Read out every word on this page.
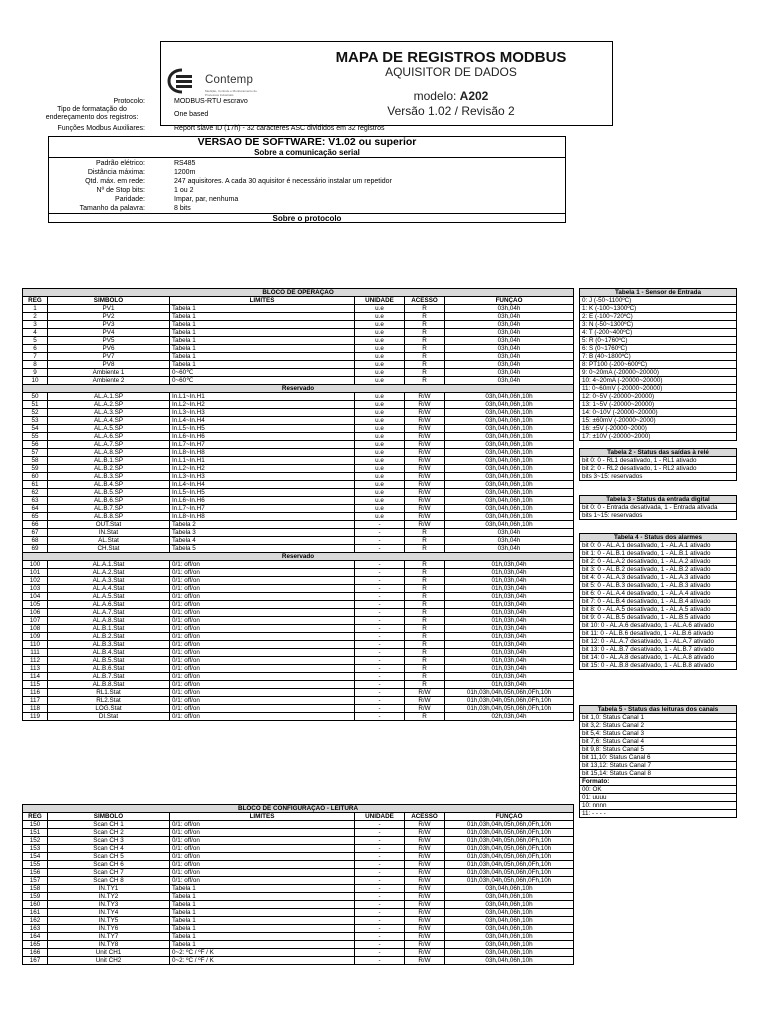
Contemp
Medição, Controle e Monitoramento de Processos Industriais
MAPA DE REGISTROS MODBUS
AQUISITOR DE DADOS
modelo: A202
Versão 1.02 / Revisão 2
VERSAO DE SOFTWARE: V1.02 ou superior
Sobre a comunicação serial
Padrão elétrico:	RS485
Distância máxima:	1200m
Qtd. máx. em rede:	247 aquisitores. A cada 30 aquisitor é necessário instalar um repetidor
Nº de Stop bits:	1 ou 2
Paridade:	Impar, par, nenhuma
Tamanho da palavra:	8 bits
Sobre o protocolo
Protocolo:	MODBUS-RTU escravo
Tipo de formatação do endereçamento dos registros:	One based
Funções Modbus Auxiliares:	Report slave ID (17h) - 32 caracteres ASC divididos em 32 registros
BLOCO DE OPERAÇAO					
REG	SIMBOLO	LIMITES	UNIDADE	ACESSO	FUNÇAO
1	PV1	Tabela 1	u.e	R	03h,04h
2	PV2	Tabela 1	u.e	R	03h,04h
3	PV3	Tabela 1	u.e	R	03h,04h
4	PV4	Tabela 1	u.e	R	03h,04h
5	PV5	Tabela 1	u.e	R	03h,04h
6	PV6	Tabela 1	u.e	R	03h,04h
7	PV7	Tabela 1	u.e	R	03h,04h
8	PV8	Tabela 1	u.e	R	03h,04h
9	Ambiente 1	0~60℃	u.e	R	03h,04h
10	Ambiente 2	0~60℃	u.e	R	03h,04h
Reservado					
50	AL.A.1.SP	In.L1~In.H1	u.e	R/W	03h,04h,06h,10h
51	AL.A.2.SP	In.L2~In.H2	u.e	R/W	03h,04h,06h,10h
52	AL.A.3.SP	In.L3~In.H3	u.e	R/W	03h,04h,06h,10h
53	AL.A.4.SP	In.L4~In.H4	u.e	R/W	03h,04h,06h,10h
54	AL.A.5.SP	In.L5~In.H5	u.e	R/W	03h,04h,06h,10h
55	AL.A.6.SP	In.L6~In.H6	u.e	R/W	03h,04h,06h,10h
56	AL.A.7.SP	In.L7~In.H7	u.e	R/W	03h,04h,06h,10h
57	AL.A.8.SP	In.L8~In.H8	u.e	R/W	03h,04h,06h,10h
58	AL.B.1.SP	In.L1~In.H1	u.e	R/W	03h,04h,06h,10h
59	AL.B.2.SP	In.L2~In.H2	u.e	R/W	03h,04h,06h,10h
60	AL.B.3.SP	In.L3~In.H3	u.e	R/W	03h,04h,06h,10h
61	AL.B.4.SP	In.L4~In.H4	u.e	R/W	03h,04h,06h,10h
62	AL.B.5.SP	In.L5~In.H5	u.e	R/W	03h,04h,06h,10h
63	AL.B.6.SP	In.L6~In.H6	u.e	R/W	03h,04h,06h,10h
64	AL.B.7.SP	In.L7~In.H7	u.e	R/W	03h,04h,06h,10h
65	AL.B.8.SP	In.L8~In.H8	u.e	R/W	03h,04h,06h,10h
66	OUT.Stat	Tabela 2	-	R/W	03h,04h,06h,10h
67	IN.Stat	Tabela 3	-	R	03h,04h
68	AL.Stat	Tabela 4	-	R	03h,04h
69	CH.Stat	Tabela 5	-	R	03h,04h
Reservado					
100	AL.A.1.Stat	0/1: off/on	-	R	01h,03h,04h
101	AL.A.2.Stat	0/1: off/on	-	R	01h,03h,04h
102	AL.A.3.Stat	0/1: off/on	-	R	01h,03h,04h
103	AL.A.4.Stat	0/1: off/on	-	R	01h,03h,04h
104	AL.A.5.Stat	0/1: off/on	-	R	01h,03h,04h
105	AL.A.6.Stat	0/1: off/on	-	R	01h,03h,04h
106	AL.A.7.Stat	0/1: off/on	-	R	01h,03h,04h
107	AL.A.8.Stat	0/1: off/on	-	R	01h,03h,04h
108	AL.B.1.Stat	0/1: off/on	-	R	01h,03h,04h
109	AL.B.2.Stat	0/1: off/on	-	R	01h,03h,04h
110	AL.B.3.Stat	0/1: off/on	-	R	01h,03h,04h
111	AL.B.4.Stat	0/1: off/on	-	R	01h,03h,04h
112	AL.B.5.Stat	0/1: off/on	-	R	01h,03h,04h
113	AL.B.6.Stat	0/1: off/on	-	R	01h,03h,04h
114	AL.B.7.Stat	0/1: off/on	-	R	01h,03h,04h
115	AL.B.8.Stat	0/1: off/on	-	R	01h,03h,04h
116	RL1.Stat	0/1: off/on	-	R/W	01h,03h,04h,05h,06h,0Fh,10h
117	RL2.Stat	0/1: off/on	-	R/W	01h,03h,04h,05h,06h,0Fh,10h
118	LOG.Stat	0/1: off/on	-	R/W	01h,03h,04h,05h,06h,0Fh,10h
119	DI.Stat	0/1: off/on	-	R	02h,03h,04h
BLOCO DE CONFIGURAÇAO - LEITURA					
REG	SIMBOLO	LIMITES	UNIDADE	ACESSO	FUNÇAO
150	Scan CH 1	0/1: off/on	-	R/W	01h,03h,04h,05h,06h,0Fh,10h
151	Scan CH 2	0/1: off/on	-	R/W	01h,03h,04h,05h,06h,0Fh,10h
152	Scan CH 3	0/1: off/on	-	R/W	01h,03h,04h,05h,06h,0Fh,10h
153	Scan CH 4	0/1: off/on	-	R/W	01h,03h,04h,05h,06h,0Fh,10h
154	Scan CH 5	0/1: off/on	-	R/W	01h,03h,04h,05h,06h,0Fh,10h
155	Scan CH 6	0/1: off/on	-	R/W	01h,03h,04h,05h,06h,0Fh,10h
156	Scan CH 7	0/1: off/on	-	R/W	01h,03h,04h,05h,06h,0Fh,10h
157	Scan CH 8	0/1: off/on	-	R/W	01h,03h,04h,05h,06h,0Fh,10h
158	IN.TY1	Tabela 1	-	R/W	03h,04h,06h,10h
159	IN.TY2	Tabela 1	-	R/W	03h,04h,06h,10h
160	IN.TY3	Tabela 1	-	R/W	03h,04h,06h,10h
161	IN.TY4	Tabela 1	-	R/W	03h,04h,06h,10h
162	IN.TY5	Tabela 1	-	R/W	03h,04h,06h,10h
163	IN.TY6	Tabela 1	-	R/W	03h,04h,06h,10h
164	IN.TY7	Tabela 1	-	R/W	03h,04h,06h,10h
165	IN.TY8	Tabela 1	-	R/W	03h,04h,06h,10h
166	Unit CH1	0~2: ºC / ºF / K	-	R/W	03h,04h,06h,10h
167	Unit CH2	0~2: ºC / ºF / K	-	R/W	03h,04h,06h,10h
Tabela 1 - Sensor de Entrada
0: J (-50~1100ºC)
1: K (-100~1300ºC)
2: E (-100~720ºC)
3: N (-50~1300ºC)
4: T (-200~400ºC)
5: R (0~1760ºC)
6: S (0~1760ºC)
7: B (40~1800ºC)
8: PT100 (-200~600ºC)
9: 0~20mA (-20000~20000)
10: 4~20mA (-20000~20000)
11: 0~60mV (-20000~20000)
12: 0~5V (-20000~20000)
13: 1~5V (-20000~20000)
14: 0~10V (-20000~20000)
15: ±60mV (-20000~2000)
16: ±5V (-20000~2000)
17: ±10V (-20000~2000)
Tabela 2 - Status das saídas à relé
bit 0: 0 - RL1 desativado, 1 - RL1 ativado
bit 2: 0 - RL2 desativado, 1 - RL2 ativado
bits 3~15: reservados
Tabela 3 - Status da entrada digital
bit 0: 0 - Entrada desativada, 1 - Entrada ativada
bits 1~15: reservados
Tabela 4 - Status dos alarmes
bit 0: 0 - AL.A.1 desativado, 1 - AL.A.1 ativado
bit 1: 0 - AL.B.1 desativado, 1 - AL.B.1 ativado
bit 2: 0 - AL.A.2 desativado, 1 - AL.A.2 ativado
bit 3: 0 - AL.B.2 desativado, 1 - AL.B.2 ativado
bit 4: 0 - AL.A.3 desativado, 1 - AL.A.3 ativado
bit 5: 0 - AL.B.3 desativado, 1 - AL.B.3 ativado
bit 6: 0 - AL.A.4 desativado, 1 - AL.A.4 ativado
bit 7: 0 - AL.B.4 desativado, 1 - AL.B.4 ativado
bit 8: 0 - AL.A.5 desativado, 1 - AL.A.5 ativado
bit 9: 0 - AL.B.5 desativado, 1 - AL.B.5 ativado
bit 10: 0 - AL.A.6 desativado, 1 - AL.A.6 ativado
bit 11: 0 - AL.B.6 desativado, 1 - AL.B.6 ativado
bit 12: 0 - AL.A.7 desativado, 1 - AL.A.7 ativado
bit 13: 0 - AL.B.7 desativado, 1 - AL.B.7 ativado
bit 14: 0 - AL.A.8 desativado, 1 - AL.A.8 ativado
bit 15: 0 - AL.B.8 desativado, 1 - AL.B.8 ativado
Tabela 5 - Status das leituras dos canais
bit 1,0: Status Canal 1
bit 3,2: Status Canal 2
bit 5,4: Status Canal 3
bit 7,6: Status Canal 4
bit 9,8: Status Canal 5
bit 11,10: Status Canal 6
bit 13,12: Status Canal 7
bit 15,14: Status Canal 8
Formato:
00: OK
01: uuuu
10: nnnn
11: - - - -
